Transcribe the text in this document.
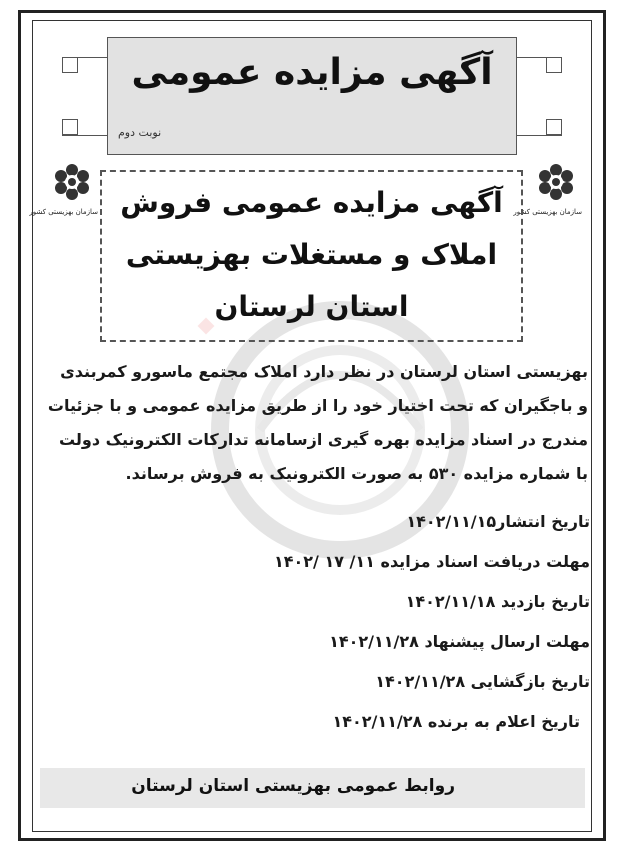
آگهی مزایده عمومی
نوبت دوم
سازمان بهزیستی کشور	سازمان بهزیستی کشور
آگهی مزایده عمومی فروش
املاک و مستغلات بهزیستی
استان لرستان
بهزیستی استان لرستان در نظر دارد املاک مجتمع ماسورو کمربندی
و باجگیران که تحت اختیار خود را از طریق مزایده عمومی و با جزئیات
مندرج در اسناد مزایده بهره گیری ازسامانه تدارکات الکترونیک دولت
با شماره مزایده ۵۳۰ به صورت الکترونیک به فروش برساند.
تاریخ انتشار۱۴۰۲/۱۱/۱۵
مهلت دریافت اسناد مزایده ۱۱/ ۱۷ /۱۴۰۲
تاریخ بازدید ۱۴۰۲/۱۱/۱۸
مهلت ارسال پیشنهاد ۱۴۰۲/۱۱/۲۸
تاریخ بازگشایی ۱۴۰۲/۱۱/۲۸
تاریخ اعلام به برنده ۱۴۰۲/۱۱/۲۸
روابط عمومی بهزیستی استان لرستان
